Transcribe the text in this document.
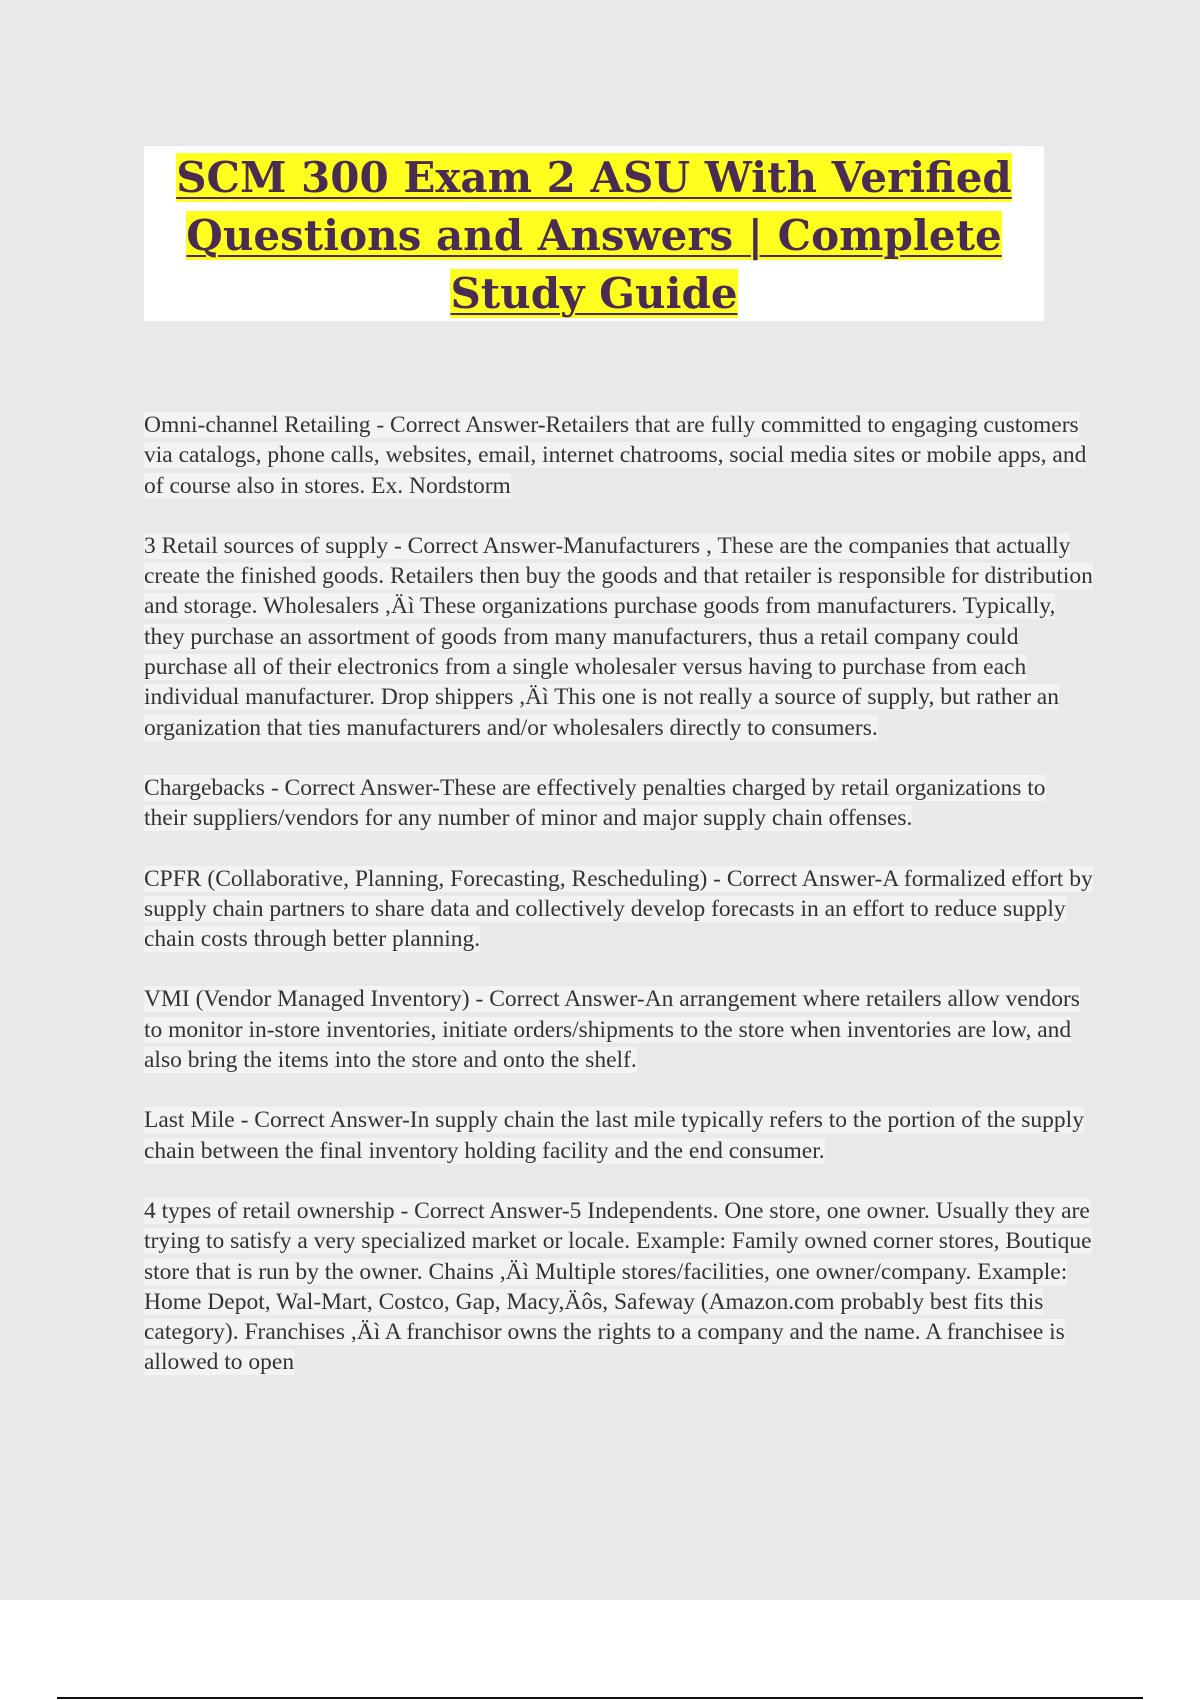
SCM 300 Exam 2 ASU With Verified Questions and Answers | Complete Study Guide

Omni-channel Retailing - Correct Answer-Retailers that are fully committed to engaging customers via catalogs, phone calls, websites, email, internet chatrooms, social media sites or mobile apps, and of course also in stores. Ex. Nordstorm

3 Retail sources of supply - Correct Answer-Manufacturers , These are the companies that actually create the finished goods. Retailers then buy the goods and that retailer is responsible for distribution and storage. Wholesalers ,Äì These organizations purchase goods from manufacturers. Typically, they purchase an assortment of goods from many manufacturers, thus a retail company could purchase all of their electronics from a single wholesaler versus having to purchase from each individual manufacturer. Drop shippers ,Äì This one is not really a source of supply, but rather an organization that ties manufacturers and/or wholesalers directly to consumers.

Chargebacks - Correct Answer-These are effectively penalties charged by retail organizations to their suppliers/vendors for any number of minor and major supply chain offenses.

CPFR (Collaborative, Planning, Forecasting, Rescheduling) - Correct Answer-A formalized effort by supply chain partners to share data and collectively develop forecasts in an effort to reduce supply chain costs through better planning.

VMI (Vendor Managed Inventory) - Correct Answer-An arrangement where retailers allow vendors to monitor in-store inventories, initiate orders/shipments to the store when inventories are low, and also bring the items into the store and onto the shelf.

Last Mile - Correct Answer-In supply chain the last mile typically refers to the portion of the supply chain between the final inventory holding facility and the end consumer.

4 types of retail ownership - Correct Answer-5 Independents. One store, one owner. Usually they are trying to satisfy a very specialized market or locale. Example: Family owned corner stores, Boutique store that is run by the owner. Chains ,Äì Multiple stores/facilities, one owner/company. Example: Home Depot, Wal-Mart, Costco, Gap, Macy,Äôs, Safeway (Amazon.com probably best fits this category). Franchises ,Äì A franchisor owns the rights to a company and the name. A franchisee is allowed to open
